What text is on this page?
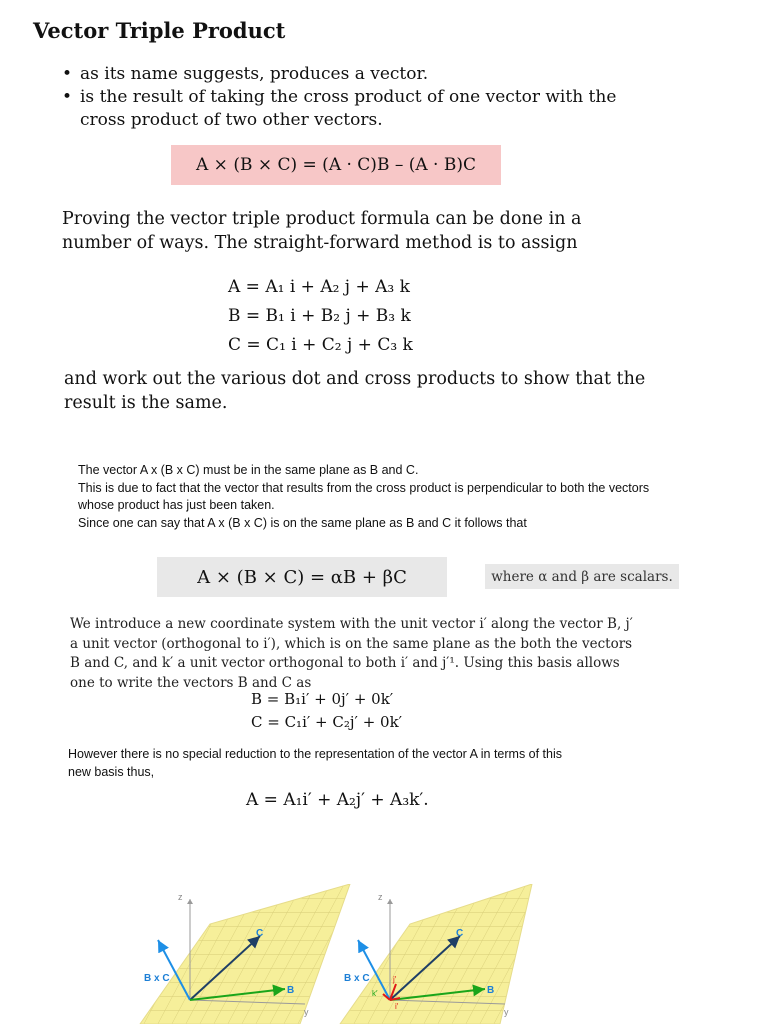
Vector Triple Product
• as its name suggests, produces a vector.
• is the result of taking the cross product of one vector with the cross product of two other vectors.
A × (B × C) = (A · C)B – (A · B)C
Proving the vector triple product formula can be done in a number of ways. The straight-forward method is to assign
A = A₁ i + A₂ j + A₃ k
B = B₁ i + B₂ j + B₃ k
C = C₁ i + C₂ j + C₃ k
and work out the various dot and cross products to show that the result is the same.
The vector A x (B x C) must be in the same plane as B and C.
This is due to fact that the vector that results from the cross product is perpendicular to both the vectors whose product has just been taken.
Since one can say that A x (B x C) is on the same plane as B and C it follows that
A × (B × C) = αB + βC	where α and β are scalars.
We introduce a new coordinate system with the unit vector i′ along the vector B, j′ a unit vector (orthogonal to i′), which is on the same plane as the both the vectors B and C, and k′ a unit vector orthogonal to both i′ and j′¹. Using this basis allows one to write the vectors B and C as
B = B₁i′ + 0j′ + 0k′
C = C₁i′ + C₂j′ + 0k′
However there is no special reduction to the representation of the vector A in terms of this new basis thus,
A = A₁i′ + A₂j′ + A₃k′.
z
y
C
B
B x C
z
y
C
B
B x C	j′
k′
i′
